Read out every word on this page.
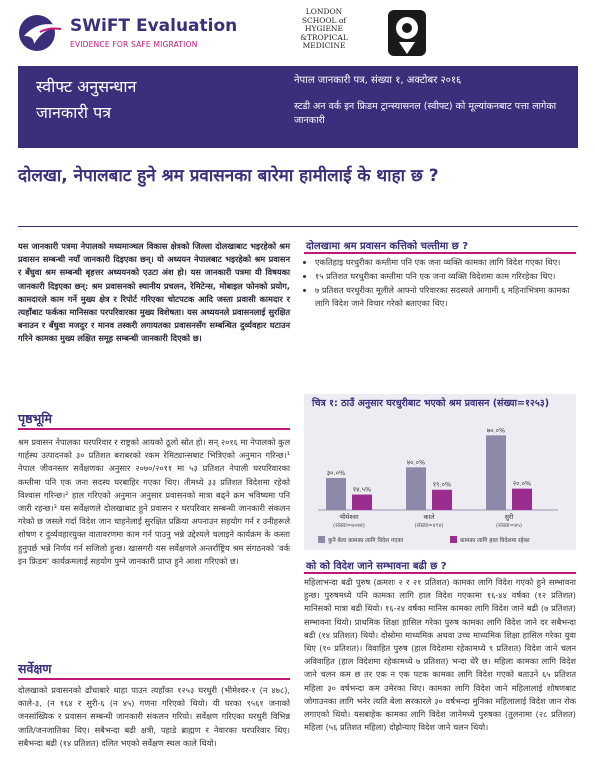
SWiFT Evaluation
EVIDENCE FOR SAFE MIGRATION
LONDON
SCHOOL of
HYGIENE
&TROPICAL
MEDICINE
स्वीफ्ट अनुसन्धान
जानकारी पत्र
नेपाल जानकारी पत्र, संख्या १, अक्टोबर २०१६
स्टडी अन वर्क इन फ्रिडम ट्रान्स्यासनल (स्वीफ्ट) को मूल्यांकनबाट पत्ता लागेका जानकारी
दोलखा, नेपालबाट हुने श्रम प्रवासनका बारेमा हामीलाई के थाहा छ ?
यस जानकारी पत्रमा नेपालको मध्यमाञ्चल विकास क्षेत्रको जिल्ला दोलखाबाट भइरहेको श्रम प्रवासन सम्बन्धी नयाँ जानकारी दिइएका छन्। यो अध्ययन नेपालबाट भइरहेको श्रम प्रवासन र बँधुवा श्रम सम्बन्धी बृहत्तर अध्ययनको एउटा अंश हो। यस जानकारी पत्रमा यी विषयका जानकारी दिइएका छन्: श्रम प्रवासनको स्थानीय प्रचलन, रेमिटेन्स, मोबाइल फोनको प्रयोग, कामदारले काम गर्ने मुख्य क्षेत्र र रिपोर्ट गरिएका चोटपटक आदि जस्ता प्रवासी कामदार र त्यहाँबाट फर्कका मानिसका परपरिवारका मुख्य विशेषता। यस अध्ययनले प्रवासनलाई सुरक्षित बनाउन र बँधुवा मजदुर र मानव तस्करी लगायतका प्रवासनसँग सम्बन्धित दुर्व्यवहार घटाउन गरिने कामका मुख्य लक्षित समूह सम्बन्धी जानकारी दिएको छ।
पृष्ठभूमि
श्रम प्रवासन नेपालका घरपरिवार र राष्ट्रको आयको ठूलो स्रोत हो। सन् २०१६ मा नेपालको कुल गार्हस्थ उत्पादनको ३० प्रतिशत बराबरको रकम रेमिट्यान्सबाट भित्रिएको अनुमान गरिन्छ।¹ नेपाल जीवनस्तर सर्वेक्षणका अनुसार २०७०/२०११ मा ५३ प्रतिशत नेपाली घरपरिवारका कम्तीमा पनि एक जना सदस्य घरबाहिर गएका थिए। तीमध्ये ३३ प्रतिशत विदेशमा रहेको विश्वास गरिन्छ।² हाल गरिएको अनुमान अनुसार प्रवासनको मात्रा बढ्ने क्रम भविष्यमा पनि जारी रहन्छ।³ यस सर्वेक्षणले दोलखाबाट हुने प्रवासन र घरपरिवार सम्बन्धी जानकारी संकलन गरेको छ जसले गर्दा विदेश जान चाहनेलाई सुरक्षित प्रक्रिया अपनाउन सहयोग गर्न र उनीहरूले शोषण र दुर्व्यवहारयुक्त वातावरणमा काम गर्न पाउनु भन्ने उद्देश्यले चलाइने कार्यक्रम के कस्ता हुनुपर्छ भन्ने निर्णय गर्न सजिलो हुन्छ। खासगरी यस सर्वेक्षणले अन्तर्राष्ट्रिय श्रम संगठनको 'वर्क इन फ्रिडम' कार्यक्रमलाई सहयोग पुग्ने जानकारी प्राप्त हुने आशा गरिएको छ।
सर्वेक्षण
दोलखाको प्रवासनको ढाँचाबारे थाहा पाउन त्यहाँका १२५३ घरधुरी (भीमेश्वर-१ (न ४७८), काले-३, (न १६४ र सुरी-६ (न ४५) गणना गरिएको थियो। यी घरका ९५६१ जनाको जनसांख्यिक र प्रवासन सम्बन्धी जानकारी संकलन गरियो। सर्वेक्षण गरिएका घरधुरी विभिन्न जाति/जनजातिका थिए। सबैभन्दा बढी क्षत्री, पहाडे ब्राह्मण र नेवारका घरपरिवार थिए। सबैभन्दा बढी (१४ प्रतिशत) दलित भएको सर्वेक्षण स्थल काले थियो।
दोलखामा श्रम प्रवासन कत्तिको चल्तीमा छ ?
• एकतिहाइ घरधुरीका कम्तीमा पनि एक जना व्यक्ति कामका लागि विदेश गएका थिए।
• १५ प्रतिशत घरधुरीका कम्तीमा पनि एक जना व्यक्ति विदेशमा काम गरिरहेका थिए।
• ७ प्रतिशत घरधुरीका मूलीले आफ्नो परिवारका सदस्यले आगामी ६ महिनाभित्रमा कामका लागि विदेश जाने विचार गरेको बताएका थिए।
चित्र १: ठाउँ अनुसार घरधुरीबाट भएको श्रम प्रवासन (संख्या=१२५३)
३०.०%
१४.५%
भीमेश्वर
(संख्या=७०४४)
४०.०%
१९.०%
काले
(संख्या=४९४)
७०.०%
२०.०%
सुरी
(संख्या=४५)
कुनै बेला कामका लागि विदेश गएका	कामका लागि हाल विदेशमा रहेका
को को विदेश जाने सम्भावना बढी छ ?
महिलाभन्दा बढी पुरुष (क्रमशः २ र २१ प्रतिशत) कामका लागि विदेश गएको हुने सम्भावना हुन्छ। पुरुषमध्ये पनि कामका लागि हाल विदेश गएकामा १६-४४ वर्षका (१२ प्रतिशत) मानिसको मात्रा बढी थियो। १६-२४ वर्षका मानिस कामका लागि विदेश जाने बढी (७ प्रतिशत) सम्भावना थियो। प्राथमिक शिक्षा हासिल गरेका पुरुष कामका लागि विदेश जाने दर सबैभन्दा बढी (१४ प्रतिशत) थियो। दोस्रोमा माध्यमिक अथवा उच्च माध्यमिक शिक्षा हासिल गरेका युवा थिए (१० प्रतिशत)। विवाहित पुरुष (हाल विदेशमा रहेकामध्ये ९ प्रतिशत) विदेश जाने चलन अविवाहित (हाल विदेशमा रहेकामध्ये ७ प्रतिशत) भन्दा धेरै छ। महिला कामका लागि विदेश जाने चलन कम छ तर एक न एक पटक कामका लागि विदेश गएको बताउने ६५ प्रतिशत महिला ३० वर्षभन्दा कम उमेरका थिए। कामका लागि विदेश जाने महिलालाई शोषणबाट जोगाउनका लागि भनेर त्यति बेला सरकारले ३० वर्षभन्दा मुनिका महिलालाई विदेश जान रोक लगाएको थियो। यसबाहेक कामका लागि विदेश जानेमध्ये पुरुषका (तुलनामा (२८ प्रतिशत) महिला (५६ प्रतिशत महिला) दोह्रोन्याए विदेश जाने चलन थियो।
